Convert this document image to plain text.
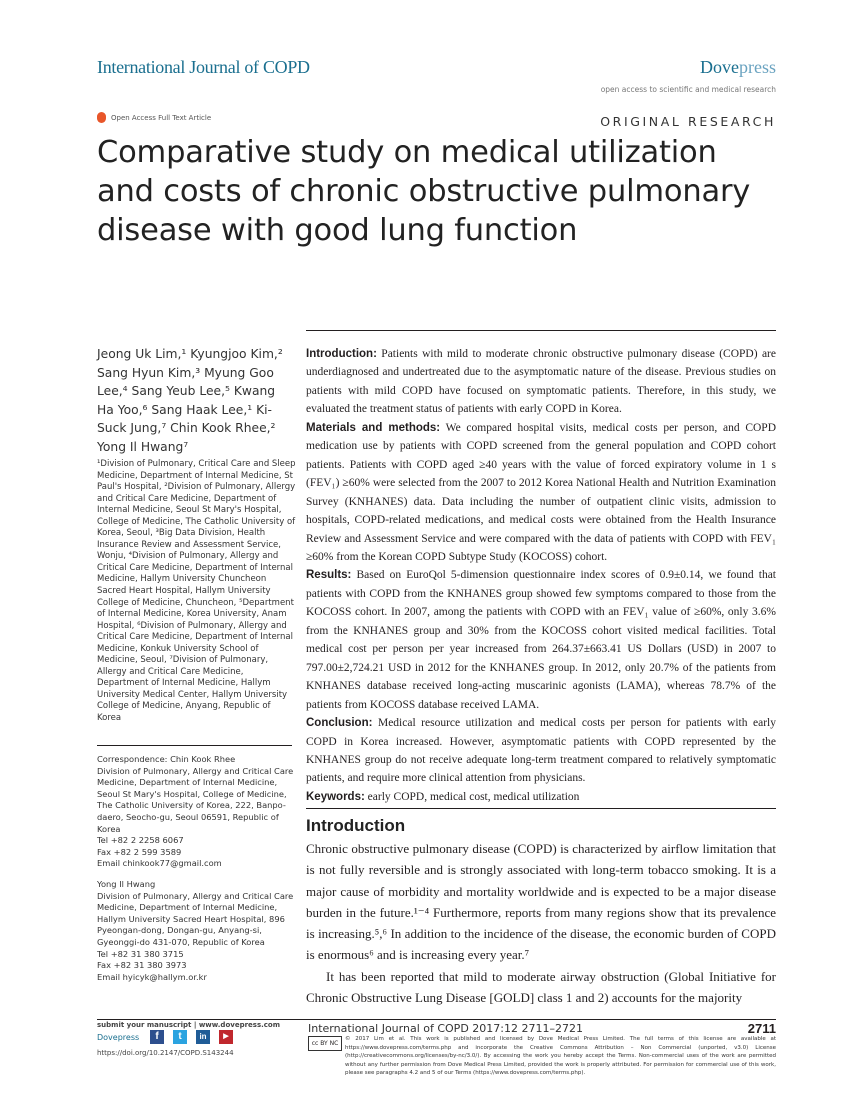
International Journal of COPD	Dovepress
open access to scientific and medical research
Open Access Full Text Article	ORIGINAL RESEARCH
Comparative study on medical utilization and costs of chronic obstructive pulmonary disease with good lung function
Jeong Uk Lim,¹ Kyungjoo Kim,² Sang Hyun Kim,³ Myung Goo Lee,⁴ Sang Yeub Lee,⁵ Kwang Ha Yoo,⁶ Sang Haak Lee,¹ Ki-Suck Jung,⁷ Chin Kook Rhee,² Yong Il Hwang⁷
¹Division of Pulmonary, Critical Care and Sleep Medicine, Department of Internal Medicine, St Paul's Hospital, ²Division of Pulmonary, Allergy and Critical Care Medicine, Department of Internal Medicine, Seoul St Mary's Hospital, College of Medicine, The Catholic University of Korea, Seoul, ³Big Data Division, Health Insurance Review and Assessment Service, Wonju, ⁴Division of Pulmonary, Allergy and Critical Care Medicine, Department of Internal Medicine, Hallym University Chuncheon Sacred Heart Hospital, Hallym University College of Medicine, Chuncheon, ⁵Department of Internal Medicine, Korea University, Anam Hospital, ⁶Division of Pulmonary, Allergy and Critical Care Medicine, Department of Internal Medicine, Konkuk University School of Medicine, Seoul, ⁷Division of Pulmonary, Allergy and Critical Care Medicine, Department of Internal Medicine, Hallym University Medical Center, Hallym University College of Medicine, Anyang, Republic of Korea

Correspondence: Chin Kook Rhee
Division of Pulmonary, Allergy and Critical Care Medicine, Department of Internal Medicine, Seoul St Mary's Hospital, College of Medicine, The Catholic University of Korea, 222, Banpo-daero, Seocho-gu, Seoul 06591, Republic of Korea
Tel +82 2 2258 6067
Fax +82 2 599 3589
Email chinkook77@gmail.com

Yong Il Hwang
Division of Pulmonary, Allergy and Critical Care Medicine, Department of Internal Medicine, Hallym University Sacred Heart Hospital, 896 Pyeongan-dong, Dongan-gu, Anyang-si, Gyeonggi-do 431-070, Republic of Korea
Tel +82 31 380 3715
Fax +82 31 380 3973
Email hyicyk@hallym.or.kr

Introduction: Patients with mild to moderate chronic obstructive pulmonary disease (COPD) are underdiagnosed and undertreated due to the asymptomatic nature of the disease. Previous studies on patients with mild COPD have focused on symptomatic patients. Therefore, in this study, we evaluated the treatment status of patients with early COPD in Korea.

Materials and methods: We compared hospital visits, medical costs per person, and COPD medication use by patients with COPD screened from the general population and COPD cohort patients. Patients with COPD aged ≥40 years with the value of forced expiratory volume in 1 s (FEV₁) ≥60% were selected from the 2007 to 2012 Korea National Health and Nutrition Examination Survey (KNHANES) data. Data including the number of outpatient clinic visits, admission to hospitals, COPD-related medications, and medical costs were obtained from the Health Insurance Review and Assessment Service and were compared with the data of patients with COPD with FEV₁ ≥60% from the Korean COPD Subtype Study (KOCOSS) cohort.

Results: Based on EuroQol 5-dimension questionnaire index scores of 0.9±0.14, we found that patients with COPD from the KNHANES group showed few symptoms compared to those from the KOCOSS cohort. In 2007, among the patients with COPD with an FEV₁ value of ≥60%, only 3.6% from the KNHANES group and 30% from the KOCOSS cohort visited medical facilities. Total medical cost per person per year increased from 264.37±663.41 US Dollars (USD) in 2007 to 797.00±2,724.21 USD in 2012 for the KNHANES group. In 2012, only 20.7% of the patients from KNHANES database received long-acting muscarinic agonists (LAMA), whereas 78.7% of the patients from KOCOSS database received LAMA.

Conclusion: Medical resource utilization and medical costs per person for patients with early COPD in Korea increased. However, asymptomatic patients with COPD represented by the KNHANES group do not receive adequate long-term treatment compared to relatively symptomatic patients, and require more clinical attention from physicians.

Keywords: early COPD, medical cost, medical utilization

Introduction

Chronic obstructive pulmonary disease (COPD) is characterized by airflow limitation that is not fully reversible and is strongly associated with long-term tobacco smoking. It is a major cause of morbidity and mortality worldwide and is expected to be a major disease burden in the future.¹⁻⁴ Furthermore, reports from many regions show that its prevalence is increasing.⁵,⁶ In addition to the incidence of the disease, the economic burden of COPD is enormous⁶ and is increasing every year.⁷

It has been reported that mild to moderate airway obstruction (Global Initiative for Chronic Obstructive Lung Disease [GOLD] class 1 and 2) accounts for the majority

submit your manuscript | www.dovepress.com
Dovepress	f	t	in	▶
https://doi.org/10.2147/COPD.S143244
International Journal of COPD 2017:12 2711–2721	2711
cc BY NC
© 2017 Lim et al. This work is published and licensed by Dove Medical Press Limited. The full terms of this license are available at https://www.dovepress.com/terms.php and incorporate the Creative Commons Attribution – Non Commercial (unported, v3.0) License (http://creativecommons.org/licenses/by-nc/3.0/). By accessing the work you hereby accept the Terms. Non-commercial uses of the work are permitted without any further permission from Dove Medical Press Limited, provided the work is properly attributed. For permission for commercial use of this work, please see paragraphs 4.2 and 5 of our Terms (https://www.dovepress.com/terms.php).
